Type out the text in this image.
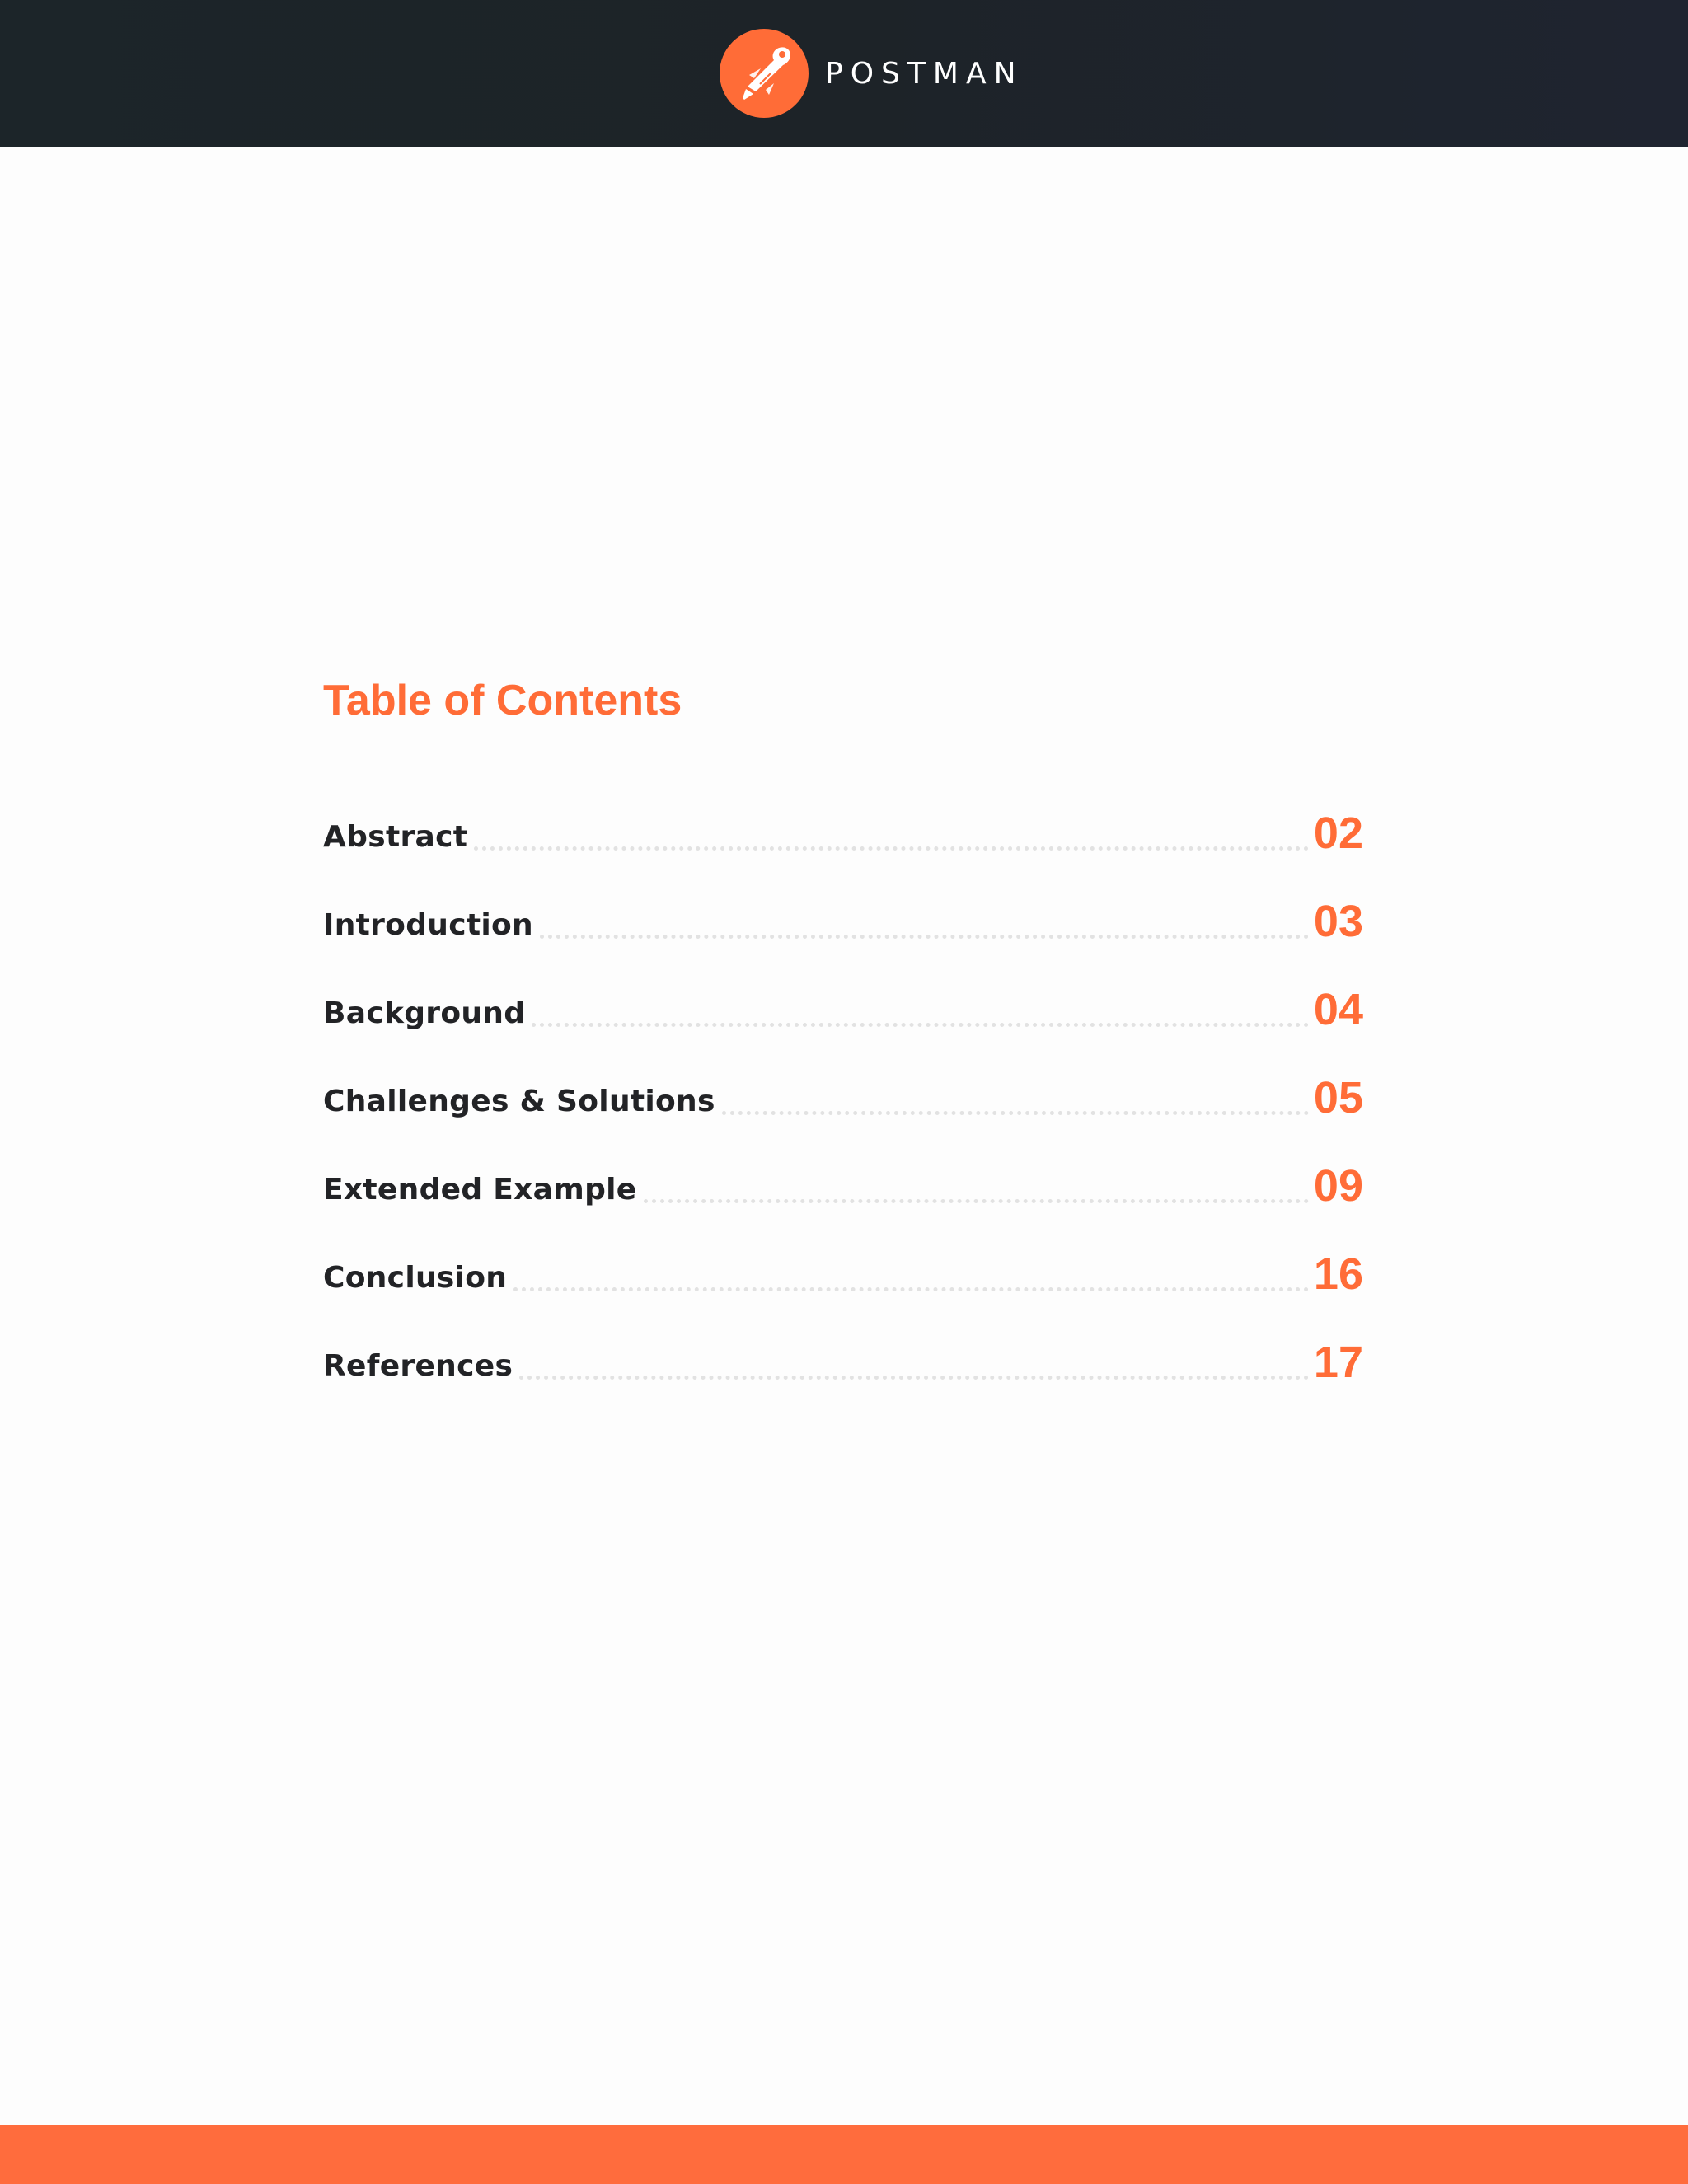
POSTMAN
Table of Contents
Abstract	02
Introduction	03
Background	04
Challenges & Solutions	05
Extended Example	09
Conclusion	16
References	17
